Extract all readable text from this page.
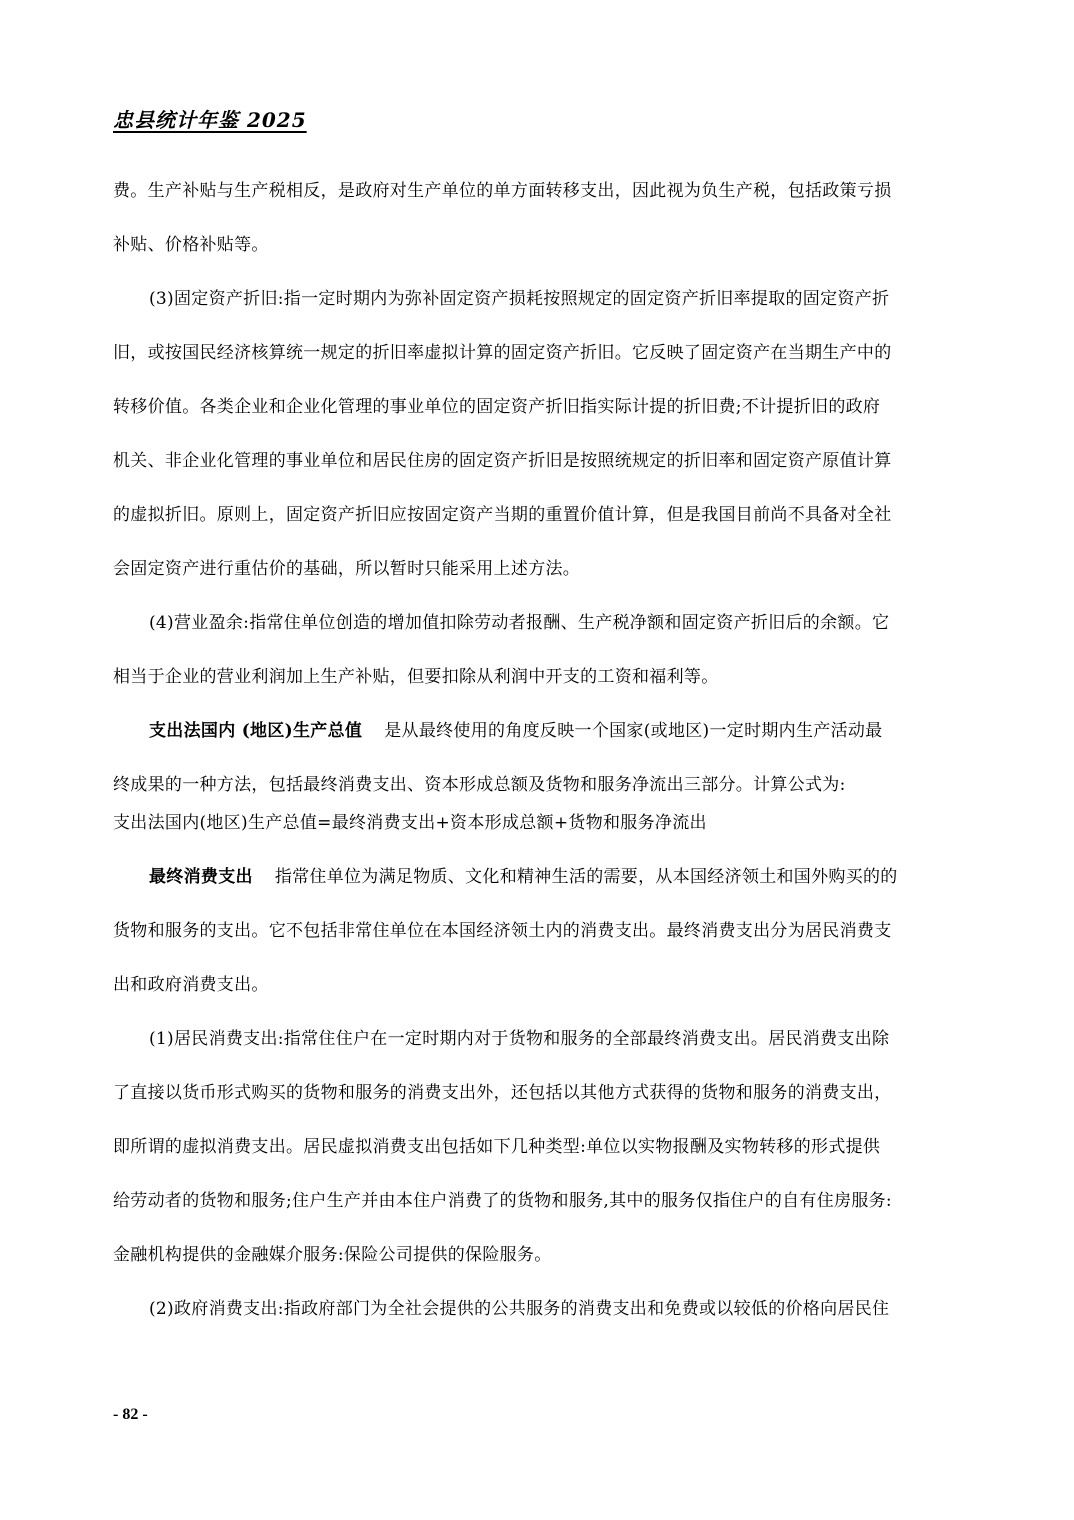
忠县统计年鉴 2025
费。生产补贴与生产税相反，是政府对生产单位的单方面转移支出，因此视为负生产税，包括政策亏损
补贴、价格补贴等。
(3)固定资产折旧:指一定时期内为弥补固定资产损耗按照规定的固定资产折旧率提取的固定资产折
旧，或按国民经济核算统一规定的折旧率虚拟计算的固定资产折旧。它反映了固定资产在当期生产中的
转移价值。各类企业和企业化管理的事业单位的固定资产折旧指实际计提的折旧费;不计提折旧的政府
机关、非企业化管理的事业单位和居民住房的固定资产折旧是按照统规定的折旧率和固定资产原值计算
的虚拟折旧。原则上，固定资产折旧应按固定资产当期的重置价值计算，但是我国目前尚不具备对全社
会固定资产进行重估价的基础，所以暂时只能采用上述方法。
(4)营业盈余:指常住单位创造的增加值扣除劳动者报酬、生产税净额和固定资产折旧后的余额。它
相当于企业的营业利润加上生产补贴，但要扣除从利润中开支的工资和福利等。
支出法国内 (地区)生产总值 是从最终使用的角度反映一个国家(或地区)一定时期内生产活动最
终成果的一种方法，包括最终消费支出、资本形成总额及货物和服务净流出三部分。计算公式为:
支出法国内(地区)生产总值=最终消费支出+资本形成总额+货物和服务净流出
最终消费支出 指常住单位为满足物质、文化和精神生活的需要，从本国经济领土和国外购买的的
货物和服务的支出。它不包括非常住单位在本国经济领土内的消费支出。最终消费支出分为居民消费支
出和政府消费支出。
(1)居民消费支出:指常住住户在一定时期内对于货物和服务的全部最终消费支出。居民消费支出除
了直接以货币形式购买的货物和服务的消费支出外，还包括以其他方式获得的货物和服务的消费支出，
即所谓的虚拟消费支出。居民虚拟消费支出包括如下几种类型:单位以实物报酬及实物转移的形式提供
给劳动者的货物和服务;住户生产并由本住户消费了的货物和服务,其中的服务仅指住户的自有住房服务:
金融机构提供的金融媒介服务:保险公司提供的保险服务。
(2)政府消费支出:指政府部门为全社会提供的公共服务的消费支出和免费或以较低的价格向居民住
- 82 -
